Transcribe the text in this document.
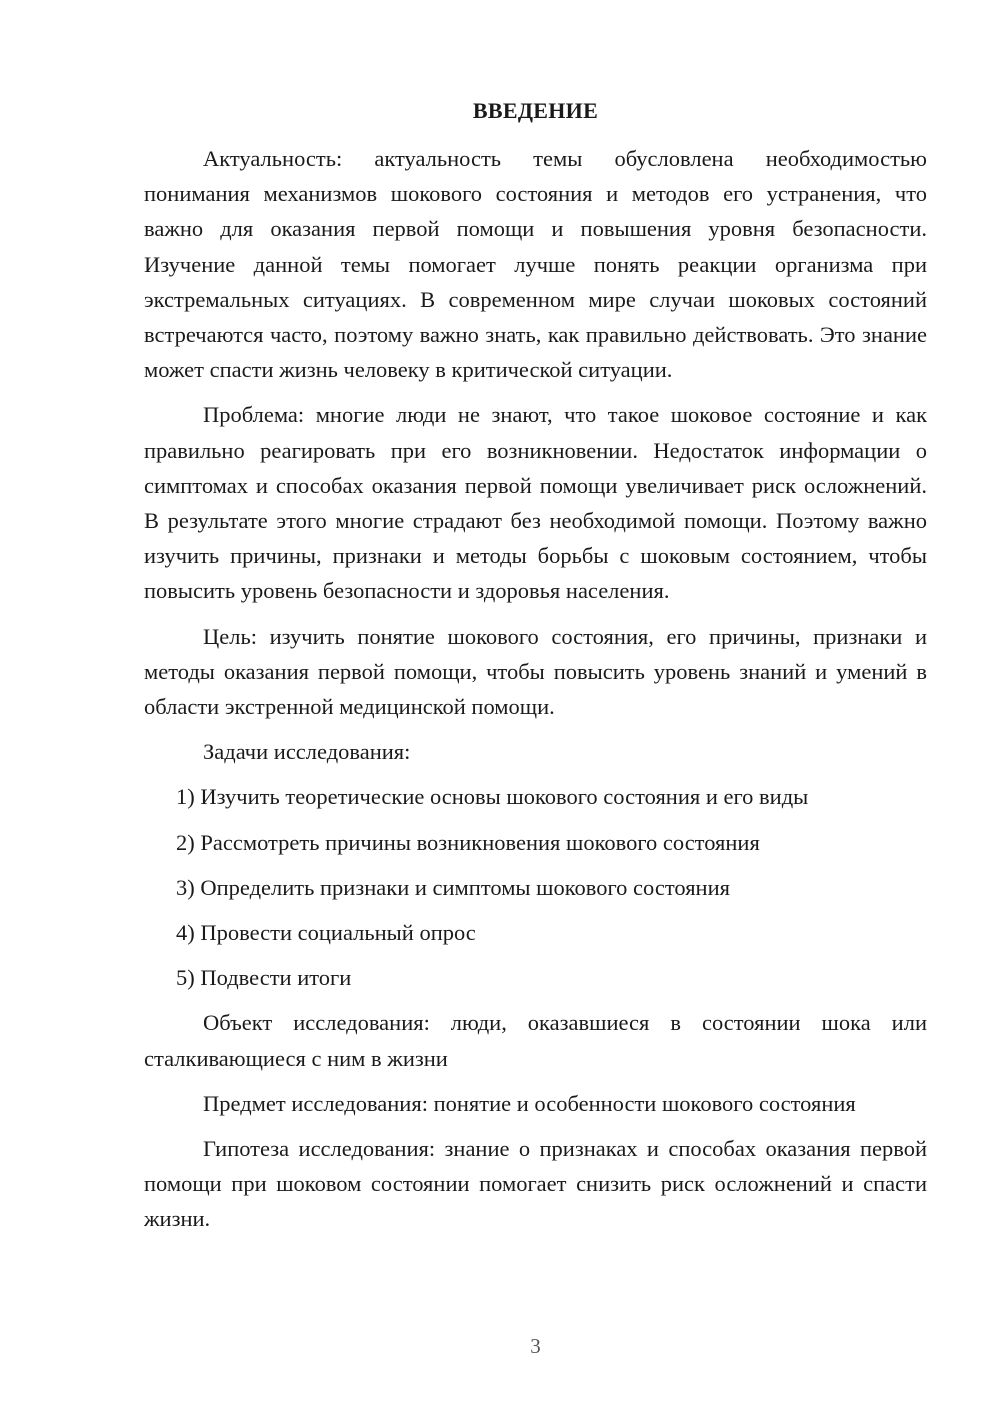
ВВЕДЕНИЕ

Актуальность: актуальность темы обусловлена необходимостью понимания механизмов шокового состояния и методов его устранения, что важно для оказания первой помощи и повышения уровня безопасности. Изучение данной темы помогает лучше понять реакции организма при экстремальных ситуациях. В современном мире случаи шоковых состояний встречаются часто, поэтому важно знать, как правильно действовать. Это знание может спасти жизнь человеку в критической ситуации.

Проблема: многие люди не знают, что такое шоковое состояние и как правильно реагировать при его возникновении. Недостаток информации о симптомах и способах оказания первой помощи увеличивает риск осложнений. В результате этого многие страдают без необходимой помощи. Поэтому важно изучить причины, признаки и методы борьбы с шоковым состоянием, чтобы повысить уровень безопасности и здоровья населения.

Цель: изучить понятие шокового состояния, его причины, признаки и методы оказания первой помощи, чтобы повысить уровень знаний и умений в области экстренной медицинской помощи.

Задачи исследования:

1) Изучить теоретические основы шокового состояния и его виды
2) Рассмотреть причины возникновения шокового состояния
3) Определить признаки и симптомы шокового состояния
4) Провести социальный опрос
5) Подвести итоги

Объект исследования: люди, оказавшиеся в состоянии шока или сталкивающиеся с ним в жизни

Предмет исследования: понятие и особенности шокового состояния

Гипотеза исследования: знание о признаках и способах оказания первой помощи при шоковом состоянии помогает снизить риск осложнений и спасти жизни.

3
